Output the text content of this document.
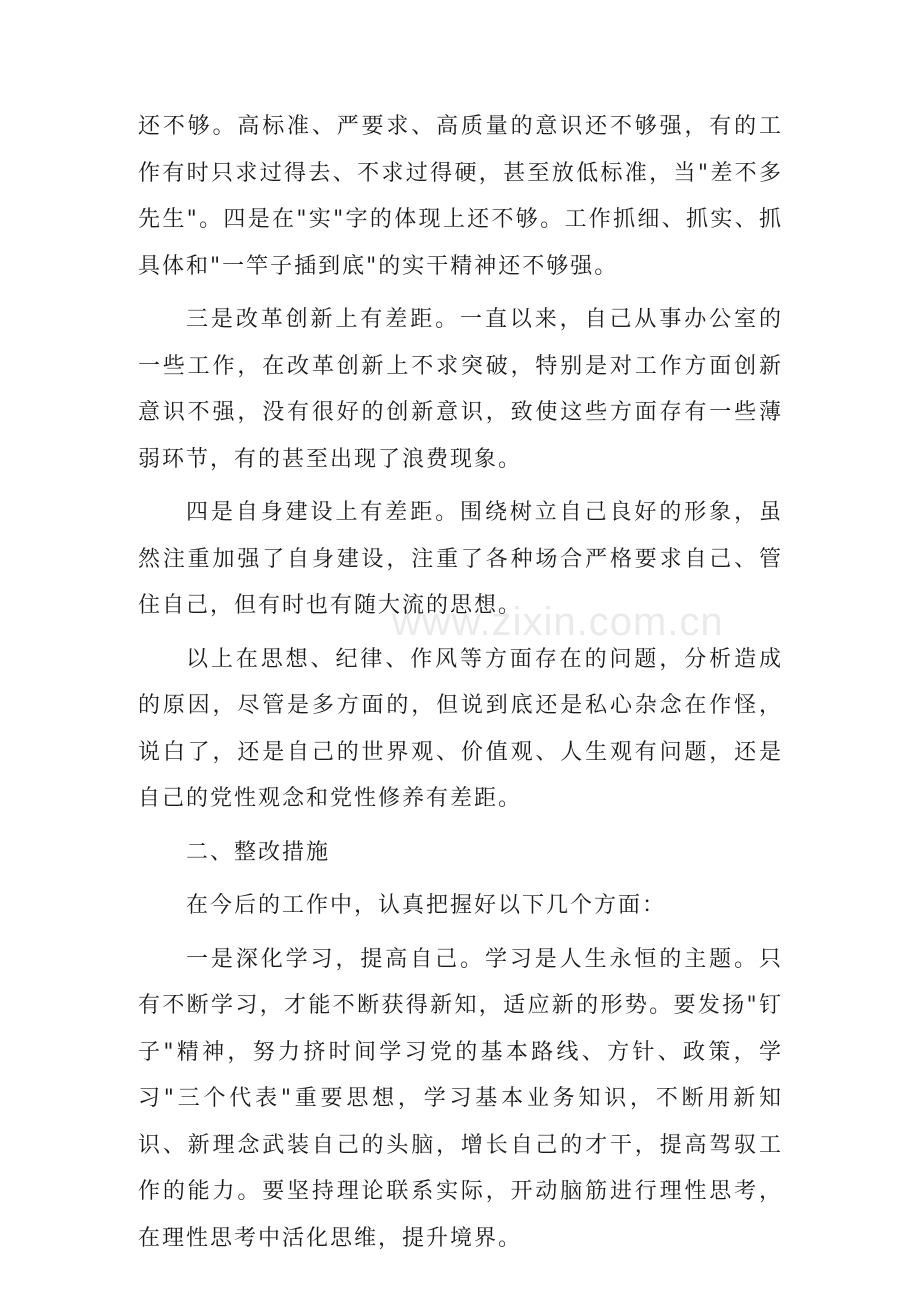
还不够。高标准、严要求、高质量的意识还不够强，有的工作有时只求过得去、不求过得硬，甚至放低标准，当"差不多先生"。四是在"实"字的体现上还不够。工作抓细、抓实、抓具体和"一竿子插到底"的实干精神还不够强。

三是改革创新上有差距。一直以来，自己从事办公室的一些工作，在改革创新上不求突破，特别是对工作方面创新意识不强，没有很好的创新意识，致使这些方面存有一些薄弱环节，有的甚至出现了浪费现象。

四是自身建设上有差距。围绕树立自己良好的形象，虽然注重加强了自身建设，注重了各种场合严格要求自己、管住自己，但有时也有随大流的思想。

以上在思想、纪律、作风等方面存在的问题，分析造成的原因，尽管是多方面的，但说到底还是私心杂念在作怪，说白了，还是自己的世界观、价值观、人生观有问题，还是自己的党性观念和党性修养有差距。

二、整改措施

在今后的工作中，认真把握好以下几个方面：

一是深化学习，提高自己。学习是人生永恒的主题。只有不断学习，才能不断获得新知，适应新的形势。要发扬"钉子"精神，努力挤时间学习党的基本路线、方针、政策，学习"三个代表"重要思想，学习基本业务知识，不断用新知识、新理念武装自己的头脑，增长自己的才干，提高驾驭工作的能力。要坚持理论联系实际，开动脑筋进行理性思考，在理性思考中活化思维，提升境界。

www.zixin.com.cn
